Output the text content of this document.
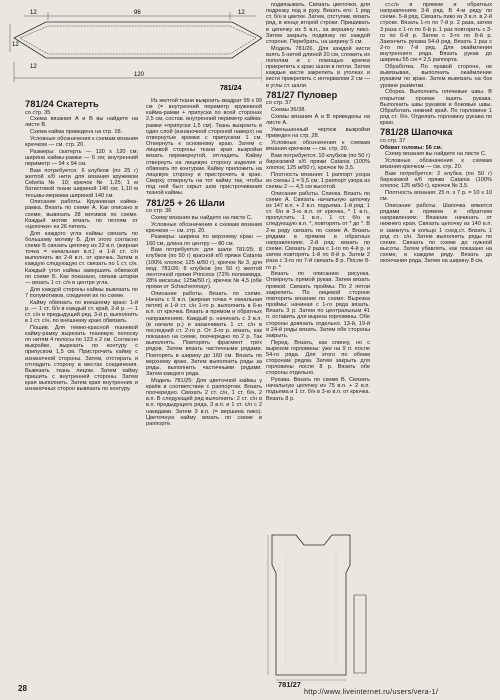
12	96	12
120
12
12
781/24
781/24 Скатерть

со стр. 35

Схема вязания А и В вы найдете на листе В.

Схема кайма приведена на стр. 28.

Условные обозначения к схемам вязания крючком — см. стр. 20.

Размеры: скатерть — 120 х 120 см; ширина каймы-рамки — 6 см; внутренний периметр — 94 х 94 см.

Вам потребуется: 6 клубков (по 25 г) желтой х/б нити для вязания кружевом Cebelia № 10; крючок № 1,25; 1 м батистовой ткани шириной 140 см; 1,10 м тесьмы-мережки шириной 140 см.

Описание работы. Кружевная кайма-рамка. Вязать по схеме А. Как описано в схеме, вывязать 28 мотивов по схеме. Каждый мотив вязать по петлям от «цепочки» из 26 петель.

Для каждого угла каймы связать по большому мотиву Б. Для этого согласно схеме Б связать цепочку из 22 в.п. (жирная точка = начальная в.п.) и 1-й ст. с/н выполнить во 2-й в.п. от крючка. Затем в каждую следующую ст. связать по 1 ст. с/н. Каждый угол каймы завершить обвязкой по схеме Б. Как показано, связав шторки — вязать 1 ст. с/н в центре угла.

Для каждой стороны каймы вывязать по 7 полумотивов, соединяя их по схеме.

Кайму обвязать по внешнему краю: 1-й р. — 1 ст. б/н в каждый ст. край, 2-й р. — 1 ст. с/н в предыдущий ряд. 3-й р. выполнить в 1 ст. с/н, по внешнему краю обвязать.

Пошив. Для темно-красной тканевой кайму-рамку вырезать тканевую полоску по нитям 4 полосы по 123 х 2 см. Согласно выкройке, вырезать по контуру с припуском 1,5 см. Пристрочить кайму с изнаночной стороны. Затем, отстирать и отгладить сторону в местах соединения. Вывязать ткань лицом. Затем кайму пришить с внутренней стороны. Затем края выполнить. Затем края внутренних и изнаночных сторон вывязать по контуру.

Из желтой ткани выкроить квадрат 99 х 99 см (= внутренний периметр кружевной кайма-рамки + припуски по всей сторонах 2,5 см, состав. внутренний периметр кайма-рамки +припуски 1,5 см). Ткань выкроить в один слой (изнаночной стороной наверх) на отвернутые кромки с припуском 1 см. Отвернуть к основному краю. Затем с лицевой стороны ткани края выкройки вязать перевернутой, отгладить. Кайму отвернуть на лицевую сторону изделия и обвязать по контурам. Кайму приложить на лицевую сторону и пристрочить в крае. Сверху отвернуть на тот кайму так, чтобы под ней был скрыт шов пристрочивания тканой каймы.

781/25 + 26 Шали

со стр. 36

Схему вязания вы найдете на листе С.

Условные обозначения к схемам вязания крючком — см. стр. 20.

Размеры: ширина по верхнему краю — 160 см, длина по центру — 80 см.

Вам потребуется: для шали 781/25: 8 клубков (по 50 г) красной к/б пряжи Catania (100% хлопок; 125 м/50 г), крючок № 3, для мод. 781/26: 8 клубков (по 50 г) желтой ленточной пряжи Princess (72% полиамида, 28% вискозы; 125м/50 г), крючок № 4,5 (обе пряжи от Schachenmayr).

Описание работы. Вязать по схеме. Начать с 9 в.п. (жирная точка = начальная петля) и 1-й ст. с/н 1-го р. выполнить в 6-ю в.п. от крючка. Вязать в прямом и обратных направлениях. Каждый р. начинать с 3 в.п. (в начале р.) и заканчивать 1 ст. с/н в последний ст. 2-го р. От 3-го р. вязать, как показано на схеме, поочередно по 2 р. Так выполнять. Повторять фрагмент трёх рядов. Затем вязать частичными рядами. Повторять в ширину до 160 см. Вязать по верхнему краю. Затем выполнить ряды за ряды, выполнить частичными рядами. Затем каждого ряда.

Модель 781/25: Для цветочной каймы у краёв в соответствии с раппортом. Вязать поочередно. Связать 2 ст. с/н, 1 ст. б/н, 2 в.п. В следующий ряд выполнить: 2 ст. с/н в в.п. предыдущего ряда, 3 в.п. и 1 ст. с/н с 2 накидами. Затем 3 в.п. (= вершина пико). Цветочную кайму вязать по схеме в раппорте.

подвязывать. Связать цветочки, для подрезку под в руку. Вязать его: 1 ряд ст. б/н в цветке. Затем, отступив, вязать ряд, в конце второй строки. Пришивать в цепочку из 5 в.п., за вершину пико. Затем закрыть подвязку по каждой стороне. Перебрать, на ширину 5 см.

Модель 781/26. Для каждой кисти взять 5 нитей длиной 20 см, сложить их пополам и с помощью крючка прикрепить к краю шали в петли. Затем каждые кисти закрепить в уголках и кисти прикрепить с интервалом 2 см — в углы ст. шали.

781/27 Пуловер

со стр. 37

Схемы 36/38.

Схемы вязания А и В приведены на листе А.

Уменьшенный чертеж выкройки приведен на стр. 28.

Условные обозначения к схемам вязания крючком — см. стр. 20.

Вам потребуется: 10 клубков (по 50 г) бирюзовой х/б пряжи Catania (100% хлопок; 125 м/50 г), крючок № 3,5.

Плотность вязания: 1 раппорт узора из схемы 1 = 5,5 см; 1 раппорт узора из схемы 2 — 4,5 см высотой.

Описание работы. Спинка. Вязать по схеме А. Связать начальную цепочку из 147 в.п. + 2 в.п. подъема. 1-й ряд: 1 ст. б/н в 3-ю в.п. от крючка, * 1 в.п., пропустить 1 в.п., 1 ст. б/н в следующую в.п. *, повторять от * до *. В 2-м ряду связать по схеме А. Вязать рядами в прямом и обратных направлениях. 2-й ряд: вязать по схеме. Связать 2 раза с 1-го по 4-й р. и затем повторять 1-й по 8-й р. Затем 2 раза с 3-го по 7-й связать 8 р. После 8-го р. *

Вязать по описанию рисунка. Отвернуть прямой рукав. Затем вязать прямой. Связать проймы. По 2 петли закрепить. По лицевой стороне повторить вязание по схеме. Вырезка проймы: начиная с 1-го ряда вязать. Вязать 3 р. Затем по центральным 41 п. оставить для выреза горловины. Обе стороны довязать отдельно. 13-й, 19-й и 24-й ряды вязать. Затем обе стороны закрыть.

Перед. Вязать, как спинку, но с вырезом горловины: уже на 9 п. после 54-го ряда. Для этого по обеим сторонам рядом. Затем закрыть для горловины после 8 р. Вязать обе стороны отдельно.

Рукава. Вязать по схеме В. Связать начальную цепочку из 75 в.п. + 2 в.п. подъема и 1 ст. б/н в 3-ю в.п. от крючка. Вязать 8 р.

781/27

ст.с/н в прямом и обратных направлениях 3-й ряд. В 4-м ряду по схеме. 5-й ряд. Связать пико из 3 в.п. в 2-й строке. Вязать 1-го по 7-й р. 2 раза, затем 3 раза с 1-го по 6-й р. 1 раз повторить с 3-го по 6-й р. Затем с 3-го по 8-й р. Закончить рукава 54-й ряд. Вязать 1 раз с 2-го по 7-й ряд. Для окаймления внутреннего ряда. Вязать рукав до ширины 55 см = 2,5 раппорта.

Обработка. По правой стороне, не вывязывая, выполнить окаймление рукавом по краю. Затем вывязать на бок уровне разметки.

Сборка. Выполнить плечевые швы. В открытом проеме вшить рукава. Выполнить швы рукавов и боковые швы. Обработать нижний край. По горловине 1 ряд ст. б/н. Отделать горловину рукава по краю.

781/28 Шапочка

со стр. 37

Обхват головы: 56 см.

Схему вязания вы найдете на листе С.

Условные обозначения к схемам вязания крючком — см. стр. 20.

Вам потребуется: 2 клубка (по 50 г) бирюзовой х/б пряжи Catania (100% хлопок; 125 м/50 г), крючок № 3,5.

Плотность вязания: 25 п. х 7 р. = 10 х 10 см.

Описание работы. Шапочка вяжется рядами в прямом и обратном направлениях. Вязание начинать от нижнего края. Связать цепочку из 140 в.п. и замкнуть в кольцо 1 соед.ст. Вязать 1 ряд ст. с/н. Затем выполнять ряды по схеме. Связать по схеме до нужной высоты. Затем убавлять, как показано на схеме, в каждом ряду. Вязать до окончания ряда. Затем на ширину 8 см.

28	http://www.liveinternet.ru/users/vera-1/
